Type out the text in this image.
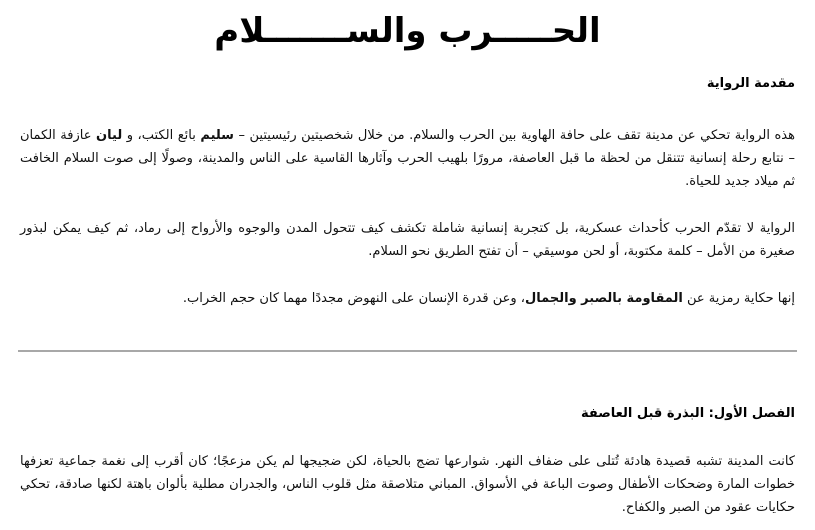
الحـــــرب والســـــــلام
مقدمة الرواية

هذه الرواية تحكي عن مدينة تقف على حافة الهاوية بين الحرب والسلام. من خلال شخصيتين رئيسيتين – سليم بائع الكتب، و ليان عازفة الكمان – نتابع رحلة إنسانية تتنقل من لحظة ما قبل العاصفة، مرورًا بلهيب الحرب وآثارها القاسية على الناس والمدينة، وصولًا إلى صوت السلام الخافت ثم ميلاد جديد للحياة.

الرواية لا تقدّم الحرب كأحداث عسكرية، بل كتجربة إنسانية شاملة تكشف كيف تتحول المدن والوجوه والأرواح إلى رماد، ثم كيف يمكن لبذور صغيرة من الأمل – كلمة مكتوبة، أو لحن موسيقي – أن تفتح الطريق نحو السلام.

إنها حكاية رمزية عن المقاومة بالصبر والجمال، وعن قدرة الإنسان على النهوض مجددًا مهما كان حجم الخراب.

الفصل الأول: البذرة قبل العاصفة

كانت المدينة تشبه قصيدة هادئة تُتلى على ضفاف النهر. شوارعها تضج بالحياة، لكن ضجيجها لم يكن مزعجًا؛ كان أقرب إلى نغمة جماعية تعزفها خطوات المارة وضحكات الأطفال وصوت الباعة في الأسواق. المباني متلاصقة مثل قلوب الناس، والجدران مطلية بألوان باهتة لكنها صادقة، تحكي حكايات عقود من الصبر والكفاح.
